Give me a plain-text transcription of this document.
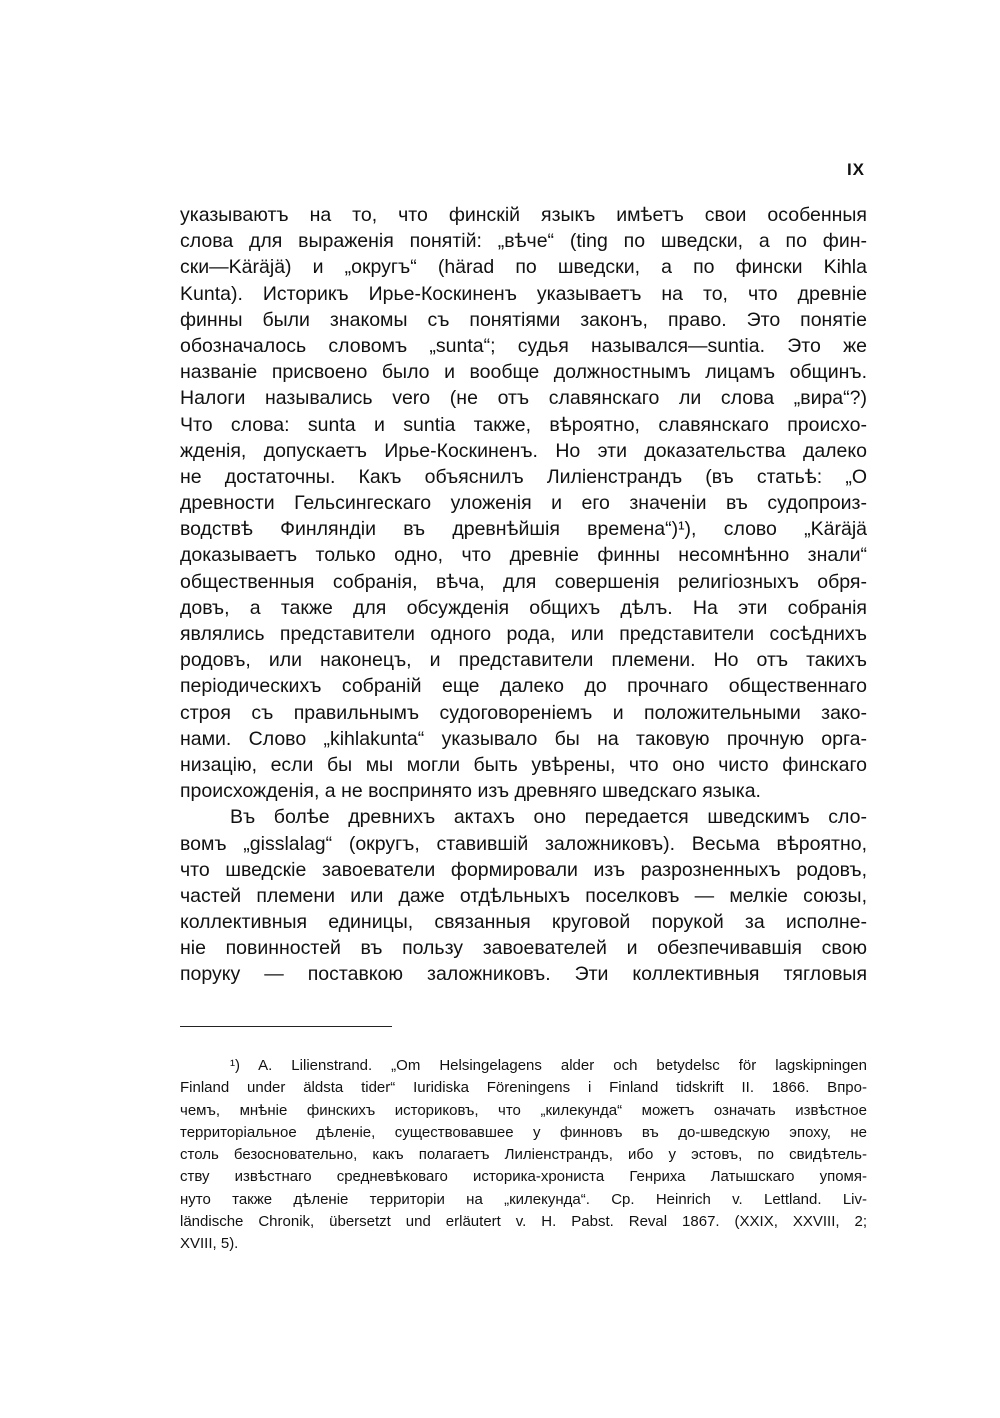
IX
указываютъ на то, что финскій языкъ имѣетъ свои особенныя
слова для выраженія понятій: „вѣче“ (ting по шведски, а по фин-
ски—Käräjä) и „округъ“ (härad по шведски, а по фински Kihla
Kunta). Историкъ Ирье-Коскиненъ указываетъ на то, что древніе
финны были знакомы съ понятіями законъ, право. Это понятіе
обозначалось словомъ „sunta“; судья назывался—suntia. Это же
названіе присвоено было и вообще должностнымъ лицамъ общинъ.
Налоги назывались vero (не отъ славянскаго ли слова „вира“?)
Что слова: sunta и suntia также, вѣроятно, славянскаго происхо-
жденія, допускаетъ Ирье-Коскиненъ. Но эти доказательства далеко
не достаточны. Какъ объяснилъ Лиліенстрандъ (въ статьѣ: „О
древности Гельсингескаго уложенія и его значеніи въ судопроиз-
водствѣ Финляндіи въ древнѣйшія времена“)¹), слово „Käräjä
доказываетъ только одно, что древніе финны несомнѣнно знали“
общественныя собранія, вѣча, для совершенія религіозныхъ обря-
довъ, а также для обсужденія общихъ дѣлъ. На эти собранія
являлись представители одного рода, или представители сосѣднихъ
родовъ, или наконецъ, и представители племени. Но отъ такихъ
періодическихъ собраній еще далеко до прочнаго общественнаго
строя съ правильнымъ судоговореніемъ и положительными зако-
нами. Слово „kihlakunta“ указывало бы на таковую прочную орга-
низацію, если бы мы могли быть увѣрены, что оно чисто финскаго
происхожденія, а не воспринято изъ древняго шведскаго языка.
Въ болѣе древнихъ актахъ оно передается шведскимъ сло-
вомъ „gisslalag“ (округъ, ставившій заложниковъ). Весьма вѣроятно,
что шведскіе завоеватели формировали изъ разрозненныхъ родовъ,
частей племени или даже отдѣльныхъ поселковъ — мелкіе союзы,
коллективныя единицы, связанныя круговой порукой за исполне-
ніе повинностей въ пользу завоевателей и обезпечивавшія свою
поруку — поставкою заложниковъ. Эти коллективныя тягловыя
¹) A. Lilienstrand. „Om Helsingelagens alder och betydelsc för lagskipningen
Finland under äldsta tider“ Iuridiska Föreningens i Finland tidskrift II. 1866. Впро-
чемъ, мнѣніе финскихъ историковъ, что „килекунда“ можетъ означать извѣстное
территоріальное дѣленіе, существовавшее у финновъ въ до-шведскую эпоху, не
столь безосновательно, какъ полагаетъ Лиліенстрандъ, ибо у эстовъ, по свидѣтель-
ству извѣстнаго средневѣковаго историка-хрониста Генриха Латышскаго упомя-
нуто также дѣленіе территоріи на „килекунда“. Cp. Heinrich v. Lettland. Liv-
ländische Chronik, übersetzt und erläutert v. H. Pabst. Reval 1867. (XXIX, XXVIII, 2;
XVIII, 5).
